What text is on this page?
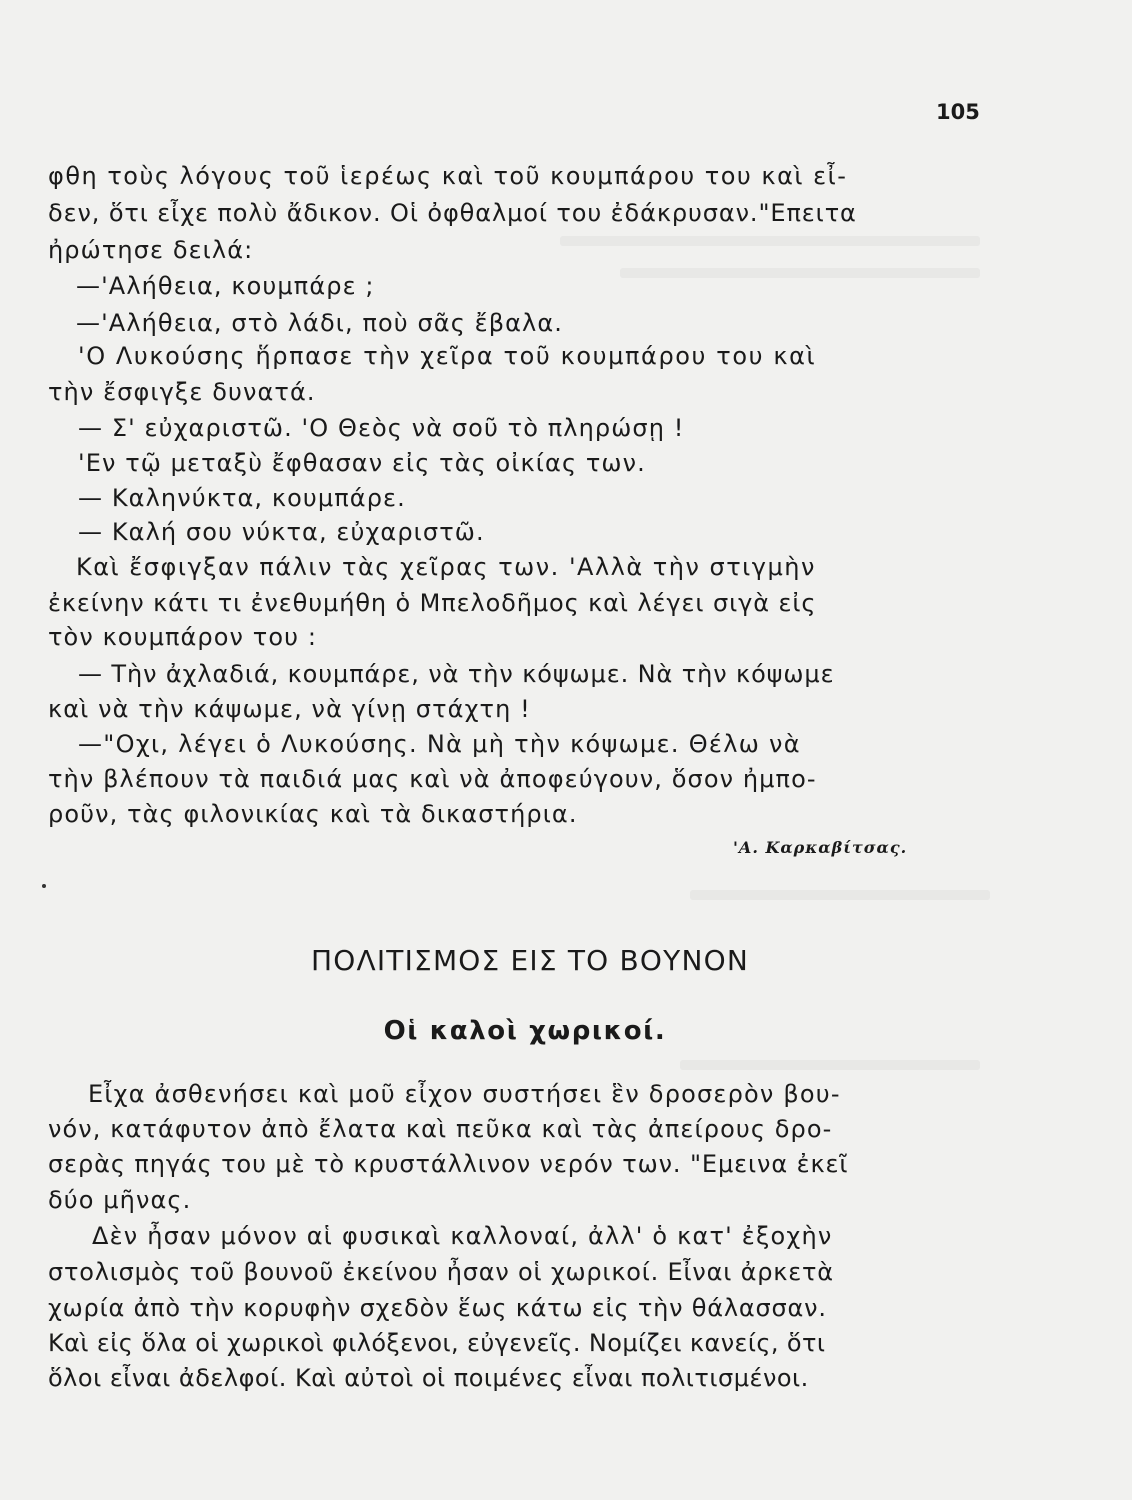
105
φθη τοὺς λόγους τοῦ ἱερέως καὶ τοῦ κουμπάρου του καὶ εἶ-
δεν, ὅτι εἶχε πολὺ ἄδικον. Οἱ ὀφθαλμοί του ἐδάκρυσαν."Επειτα
ἠρώτησε δειλά:
—'Αλήθεια, κουμπάρε ;
—'Αλήθεια, στὸ λάδι, ποὺ σᾶς ἔβαλα.
'Ο Λυκούσης ἥρπασε τὴν χεῖρα τοῦ κουμπάρου του καὶ
τὴν ἔσφιγξε δυνατά.
— Σ' εὐχαριστῶ. 'Ο Θεὸς νὰ σοῦ τὸ πληρώσῃ !
'Εν τῷ μεταξὺ ἔφθασαν εἰς τὰς οἰκίας των.
— Καληνύκτα, κουμπάρε.
— Καλή σου νύκτα, εὐχαριστῶ.
Καὶ ἔσφιγξαν πάλιν τὰς χεῖρας των. 'Αλλὰ τὴν στιγμὴν
ἐκείνην κάτι τι ἐνεθυμήθη ὁ Μπελοδῆμος καὶ λέγει σιγὰ εἰς
τὸν κουμπάρον του :
— Τὴν ἀχλαδιά, κουμπάρε, νὰ τὴν κόψωμε. Νὰ τὴν κόψωμε
καὶ νὰ τὴν κάψωμε, νὰ γίνῃ στάχτη !
—"Οχι, λέγει ὁ Λυκούσης. Νὰ μὴ τὴν κόψωμε. Θέλω νὰ
τὴν βλέπουν τὰ παιδιά μας καὶ νὰ ἀποφεύγουν, ὅσον ἠμπο-
ροῦν, τὰς φιλονικίας καὶ τὰ δικαστήρια.
'Α. Καρκαβίτσας.
ΠΟΛΙΤΙΣΜΟΣ ΕΙΣ ΤΟ ΒΟΥΝΟΝ
Οἱ καλοὶ χωρικοί.
Εἶχα ἀσθενήσει καὶ μοῦ εἶχον συστήσει ἓν δροσερὸν βου-
νόν, κατάφυτον ἀπὸ ἔλατα καὶ πεῦκα καὶ τὰς ἀπείρους δρο-
σερὰς πηγάς του μὲ τὸ κρυστάλλινον νερόν των. "Εμεινα ἐκεῖ
δύο μῆνας.
Δὲν ἦσαν μόνον αἱ φυσικαὶ καλλοναί, ἀλλ' ὁ κατ' ἐξοχὴν
στολισμὸς τοῦ βουνοῦ ἐκείνου ἦσαν οἱ χωρικοί. Εἶναι ἀρκετὰ
χωρία ἀπὸ τὴν κορυφὴν σχεδὸν ἕως κάτω εἰς τὴν θάλασσαν.
Καὶ εἰς ὅλα οἱ χωρικοὶ φιλόξενοι, εὐγενεῖς. Νομίζει κανείς, ὅτι
ὅλοι εἶναι ἀδελφοί. Καὶ αὐτοὶ οἱ ποιμένες εἶναι πολιτισμένοι.
